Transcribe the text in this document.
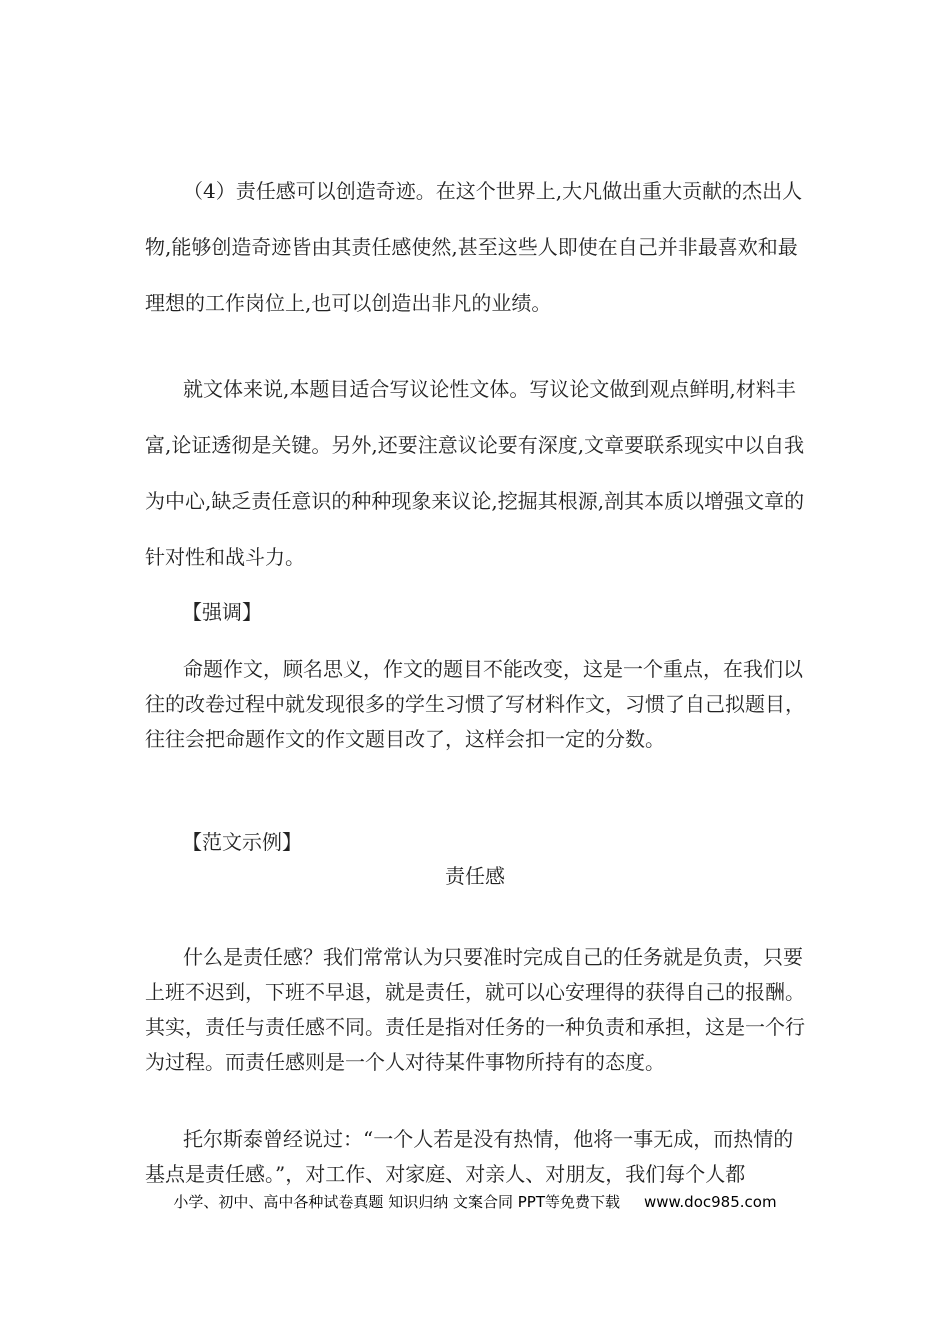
（4）责任感可以创造奇迹。在这个世界上,大凡做出重大贡献的杰出人物,能够创造奇迹皆由其责任感使然,甚至这些人即使在自己并非最喜欢和最理想的工作岗位上,也可以创造出非凡的业绩。

就文体来说,本题目适合写议论性文体。写议论文做到观点鲜明,材料丰富,论证透彻是关键。另外,还要注意议论要有深度,文章要联系现实中以自我为中心,缺乏责任意识的种种现象来议论,挖掘其根源,剖其本质以增强文章的针对性和战斗力。

【强调】

命题作文，顾名思义，作文的题目不能改变，这是一个重点，在我们以往的改卷过程中就发现很多的学生习惯了写材料作文，习惯了自己拟题目，往往会把命题作文的作文题目改了，这样会扣一定的分数。

【范文示例】

责任感

什么是责任感？我们常常认为只要准时完成自己的任务就是负责，只要上班不迟到，下班不早退，就是责任，就可以心安理得的获得自己的报酬。其实，责任与责任感不同。责任是指对任务的一种负责和承担，这是一个行为过程。而责任感则是一个人对待某件事物所持有的态度。

托尔斯泰曾经说过：“一个人若是没有热情，他将一事无成，而热情的基点是责任感。”，对工作、对家庭、对亲人、对朋友，我们每个人都

小学、初中、高中各种试卷真题 知识归纳 文案合同 PPT等免费下载 www.doc985.com
